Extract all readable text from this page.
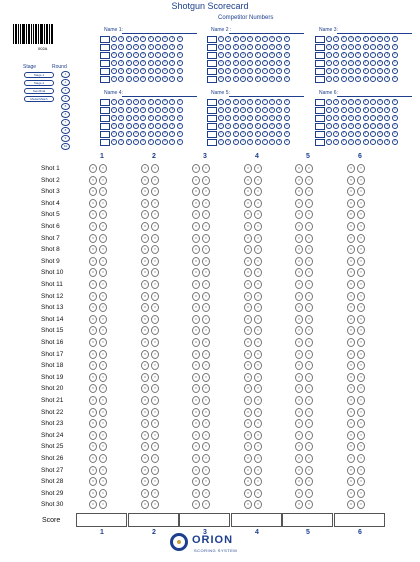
Shotgun Scorecard
Competitor Numbers
002A
Stage	Round
Stage 1
Stage 2
Semifinal
Medal Match
1
2
3
4
5
6
7
8
9
10
Name 1:
1	2	3	4	5	6	7	8	9	0
1	2	3	4	5	6	7	8	9	0
1	2	3	4	5	6	7	8	9	0
1	2	3	4	5	6	7	8	9	0
1	2	3	4	5	6	7	8	9	0
1	2	3	4	5	6	7	8	9	0
Name 2 :
1	2	3	4	5	6	7	8	9	0
1	2	3	4	5	6	7	8	9	0
1	2	3	4	5	6	7	8	9	0
1	2	3	4	5	6	7	8	9	0
1	2	3	4	5	6	7	8	9	0
1	2	3	4	5	6	7	8	9	0
Name 3:
1	2	3	4	5	6	7	8	9	0
1	2	3	4	5	6	7	8	9	0
1	2	3	4	5	6	7	8	9	0
1	2	3	4	5	6	7	8	9	0
1	2	3	4	5	6	7	8	9	0
1	2	3	4	5	6	7	8	9	0
Name 4:
1	2	3	4	5	6	7	8	9	0
1	2	3	4	5	6	7	8	9	0
1	2	3	4	5	6	7	8	9	0
1	2	3	4	5	6	7	8	9	0
1	2	3	4	5	6	7	8	9	0
1	2	3	4	5	6	7	8	9	0
Name 5:
1	2	3	4	5	6	7	8	9	0
1	2	3	4	5	6	7	8	9	0
1	2	3	4	5	6	7	8	9	0
1	2	3	4	5	6	7	8	9	0
1	2	3	4	5	6	7	8	9	0
1	2	3	4	5	6	7	8	9	0
Name 6:
1	2	3	4	5	6	7	8	9	0
1	2	3	4	5	6	7	8	9	0
1	2	3	4	5	6	7	8	9	0
1	2	3	4	5	6	7	8	9	0
1	2	3	4	5	6	7	8	9	0
1	2	3	4	5	6	7	8	9	0
1
1
2
2
3
3
4
4
5
5
6
6
Shot 1	O	X	O	X	O	X	O	X	O	X	O	X
Shot 2	O	X	O	X	O	X	O	X	O	X	O	X
Shot 3	O	X	O	X	O	X	O	X	O	X	O	X
Shot 4	O	X	O	X	O	X	O	X	O	X	O	X
Shot 5	O	X	O	X	O	X	O	X	O	X	O	X
Shot 6	O	X	O	X	O	X	O	X	O	X	O	X
Shot 7	O	X	O	X	O	X	O	X	O	X	O	X
Shot 8	O	X	O	X	O	X	O	X	O	X	O	X
Shot 9	O	X	O	X	O	X	O	X	O	X	O	X
Shot 10	O	X	O	X	O	X	O	X	O	X	O	X
Shot 11	O	X	O	X	O	X	O	X	O	X	O	X
Shot 12	O	X	O	X	O	X	O	X	O	X	O	X
Shot 13	O	X	O	X	O	X	O	X	O	X	O	X
Shot 14	O	X	O	X	O	X	O	X	O	X	O	X
Shot 15	O	X	O	X	O	X	O	X	O	X	O	X
Shot 16	O	X	O	X	O	X	O	X	O	X	O	X
Shot 17	O	X	O	X	O	X	O	X	O	X	O	X
Shot 18	O	X	O	X	O	X	O	X	O	X	O	X
Shot 19	O	X	O	X	O	X	O	X	O	X	O	X
Shot 20	O	X	O	X	O	X	O	X	O	X	O	X
Shot 21	O	X	O	X	O	X	O	X	O	X	O	X
Shot 22	O	X	O	X	O	X	O	X	O	X	O	X
Shot 23	O	X	O	X	O	X	O	X	O	X	O	X
Shot 24	O	X	O	X	O	X	O	X	O	X	O	X
Shot 25	O	X	O	X	O	X	O	X	O	X	O	X
Shot 26	O	X	O	X	O	X	O	X	O	X	O	X
Shot 27	O	X	O	X	O	X	O	X	O	X	O	X
Shot 28	O	X	O	X	O	X	O	X	O	X	O	X
Shot 29	O	X	O	X	O	X	O	X	O	X	O	X
Shot 30	O	X	O	X	O	X	O	X	O	X	O	X
Score
ORION
SCORING SYSTEM
